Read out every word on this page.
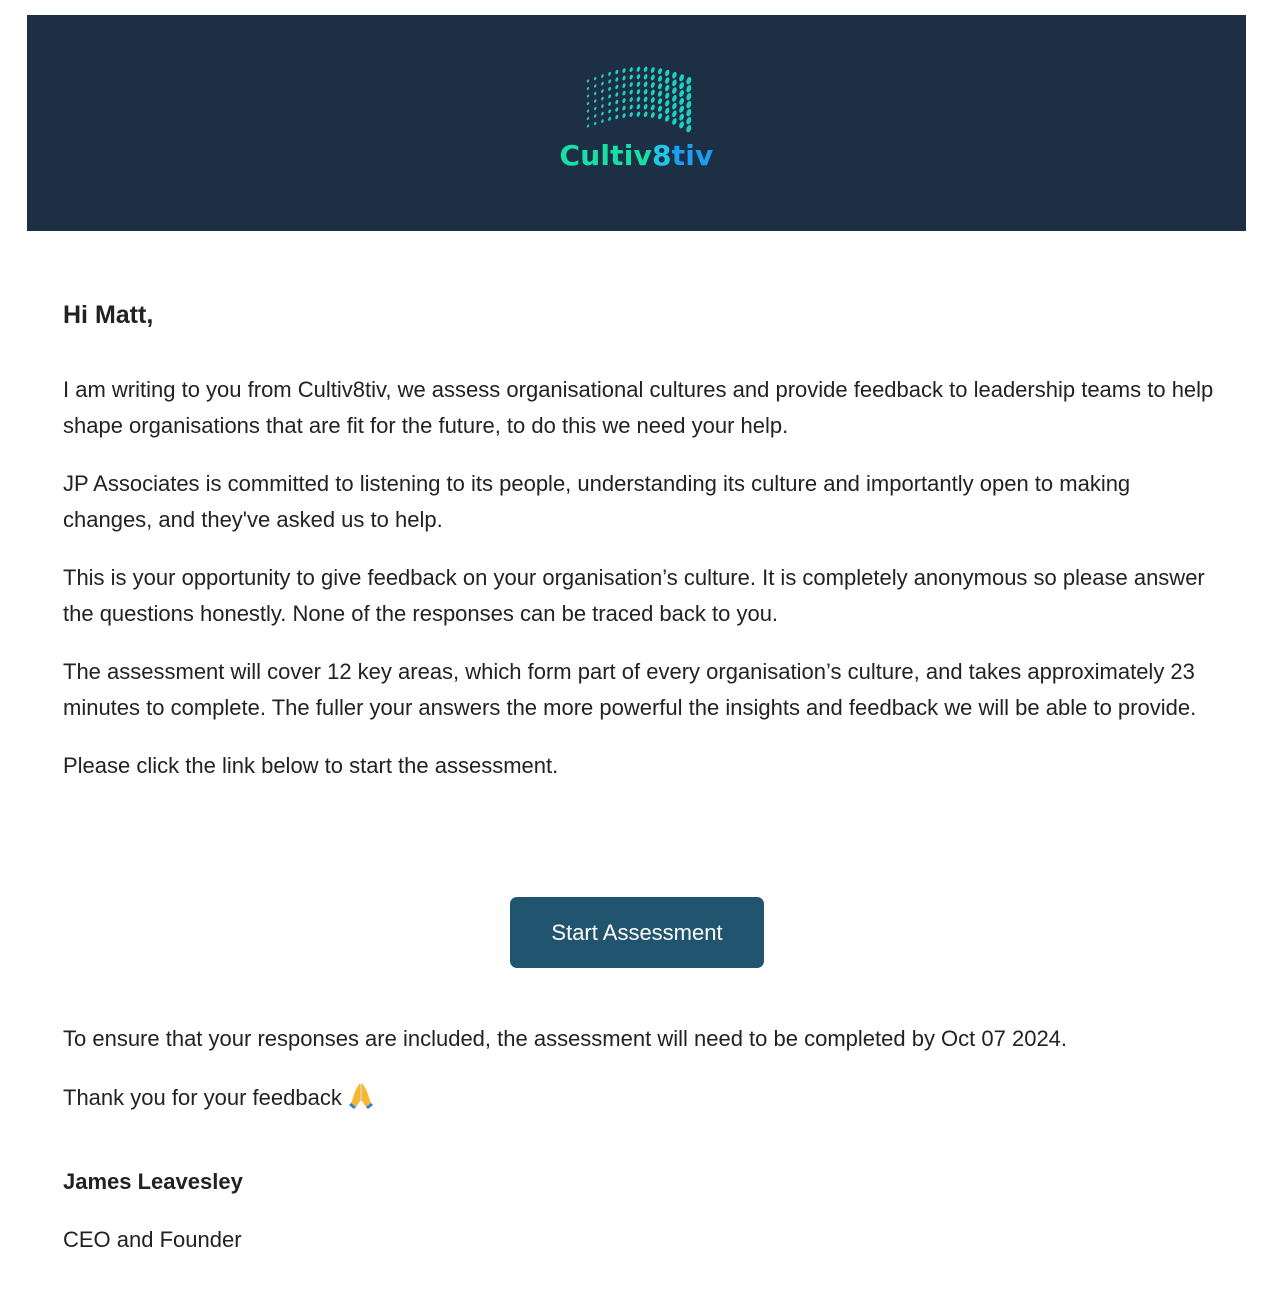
Cultiv8tiv

Hi Matt,

I am writing to you from Cultiv8tiv, we assess organisational cultures and provide feedback to leadership teams to help shape organisations that are fit for the future, to do this we need your help.

JP Associates is committed to listening to its people, understanding its culture and importantly open to making changes, and they've asked us to help.

This is your opportunity to give feedback on your organisation’s culture. It is completely anonymous so please answer the questions honestly. None of the responses can be traced back to you.

The assessment will cover 12 key areas, which form part of every organisation’s culture, and takes approximately 23 minutes to complete. The fuller your answers the more powerful the insights and feedback we will be able to provide.

Please click the link below to start the assessment.

Start Assessment

To ensure that your responses are included, the assessment will need to be completed by Oct 07 2024.

Thank you for your feedback

James Leavesley

CEO and Founder
